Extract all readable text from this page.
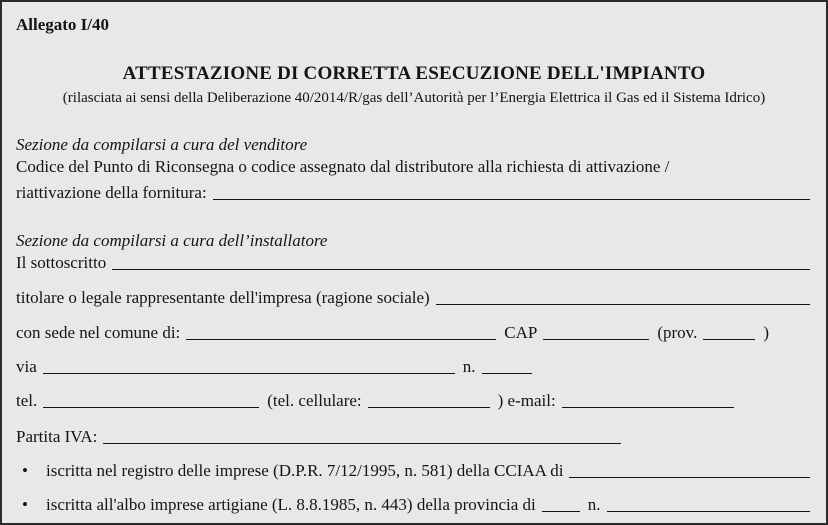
Allegato I/40
ATTESTAZIONE DI CORRETTA ESECUZIONE DELL'IMPIANTO
(rilasciata ai sensi della Deliberazione 40/2014/R/gas dell’Autorità per l’Energia Elettrica il Gas ed il Sistema Idrico)
Sezione da compilarsi a cura del venditore
Codice del Punto di Riconsegna o codice assegnato dal distributore alla richiesta di attivazione /
riattivazione della fornitura:
Sezione da compilarsi a cura dell’installatore
Il sottoscritto
titolare o legale rappresentante dell'impresa (ragione sociale)
con sede nel comune di:	CAP	(prov.	)
via	n.
tel.	(tel. cellulare:	) e-mail:
Partita IVA:
•	iscritta nel registro delle imprese (D.P.R. 7/12/1995, n. 581) della CCIAA di
•	iscritta all'albo imprese artigiane (L. 8.8.1985, n. 443) della provincia di	n.
